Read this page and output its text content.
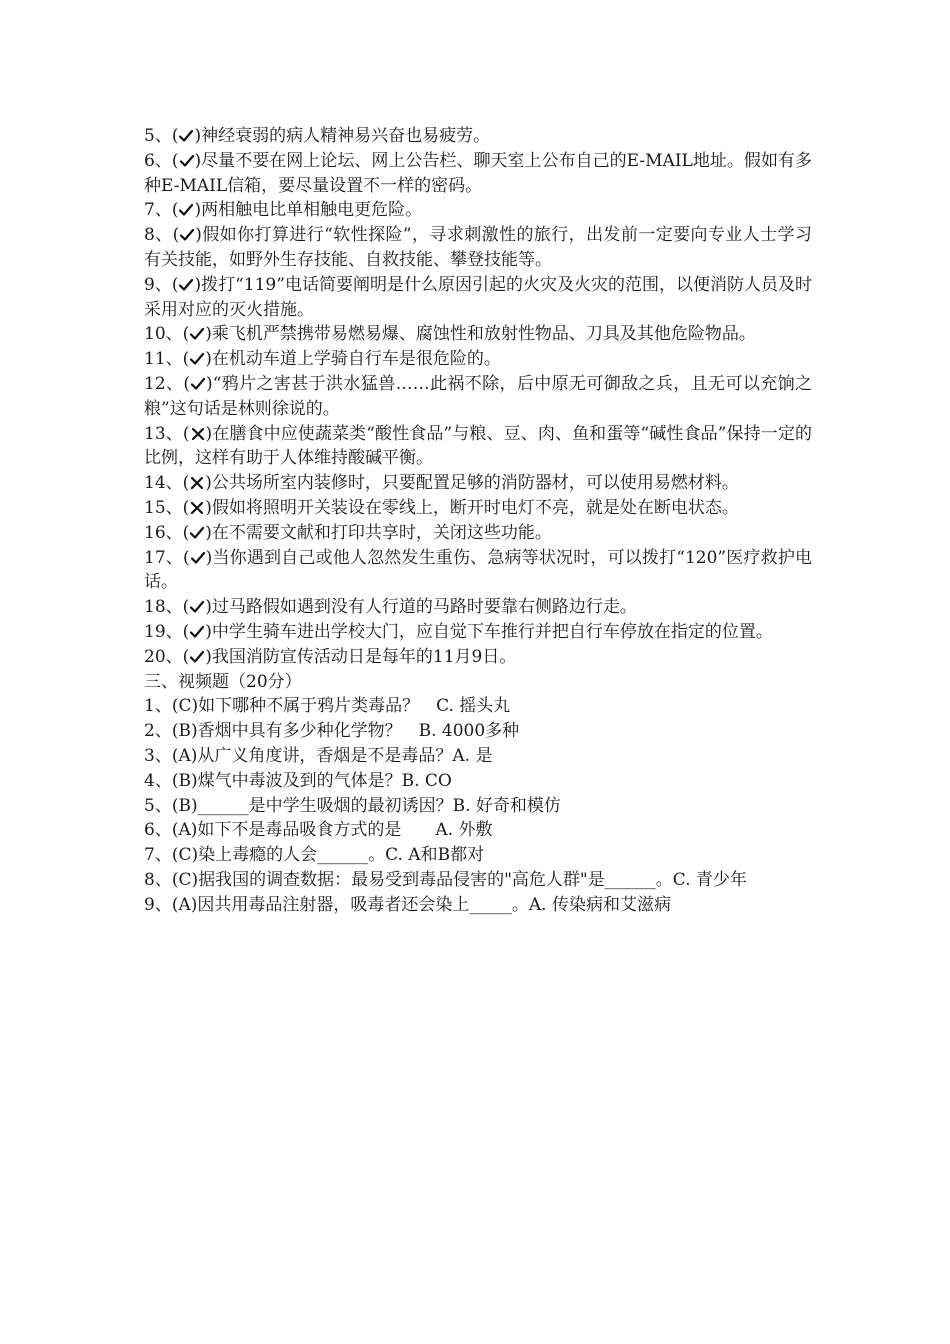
5、( )神经衰弱的病人精神易兴奋也易疲劳。
6、( )尽量不要在网上论坛、网上公告栏、聊天室上公布自己的E-MAIL地址。假如有多种E-MAIL信箱，要尽量设置不一样的密码。
7、( )两相触电比单相触电更危险。
8、( )假如你打算进行“软性探险”，寻求刺激性的旅行，出发前一定要向专业人士学习有关技能，如野外生存技能、自救技能、攀登技能等。
9、( )拨打“119”电话简要阐明是什么原因引起的火灾及火灾的范围，以便消防人员及时采用对应的灭火措施。
10、( )乘飞机严禁携带易燃易爆、腐蚀性和放射性物品、刀具及其他危险物品。
11、( )在机动车道上学骑自行车是很危险的。
12、( )“鸦片之害甚于洪水猛兽……此祸不除，后中原无可御敌之兵，且无可以充饷之粮”这句话是林则徐说的。
13、( )在膳食中应使蔬菜类“酸性食品”与粮、豆、肉、鱼和蛋等“碱性食品”保持一定的比例，这样有助于人体维持酸碱平衡。
14、( )公共场所室内装修时，只要配置足够的消防器材，可以使用易燃材料。
15、( )假如将照明开关装设在零线上，断开时电灯不亮，就是处在断电状态。
16、( )在不需要文献和打印共享时，关闭这些功能。
17、( )当你遇到自己或他人忽然发生重伤、急病等状况时，可以拨打“120”医疗救护电话。
18、( )过马路假如遇到没有人行道的马路时要靠右侧路边行走。
19、( )中学生骑车进出学校大门，应自觉下车推行并把自行车停放在指定的位置。
20、( )我国消防宣传活动日是每年的11月9日。
三、视频题（20分）
1、(C)如下哪种不属于鸦片类毒品？　C. 摇头丸
2、(B)香烟中具有多少种化学物？　B. 4000多种
3、(A)从广义角度讲，香烟是不是毒品？A. 是
4、(B)煤气中毒波及到的气体是？B. CO
5、(B)______是中学生吸烟的最初诱因？B. 好奇和模仿
6、(A)如下不是毒品吸食方式的是　　A. 外敷
7、(C)染上毒瘾的人会______。C. A和B都对
8、(C)据我国的调查数据：最易受到毒品侵害的"高危人群"是______。C. 青少年
9、(A)因共用毒品注射器，吸毒者还会染上_____。A. 传染病和艾滋病
